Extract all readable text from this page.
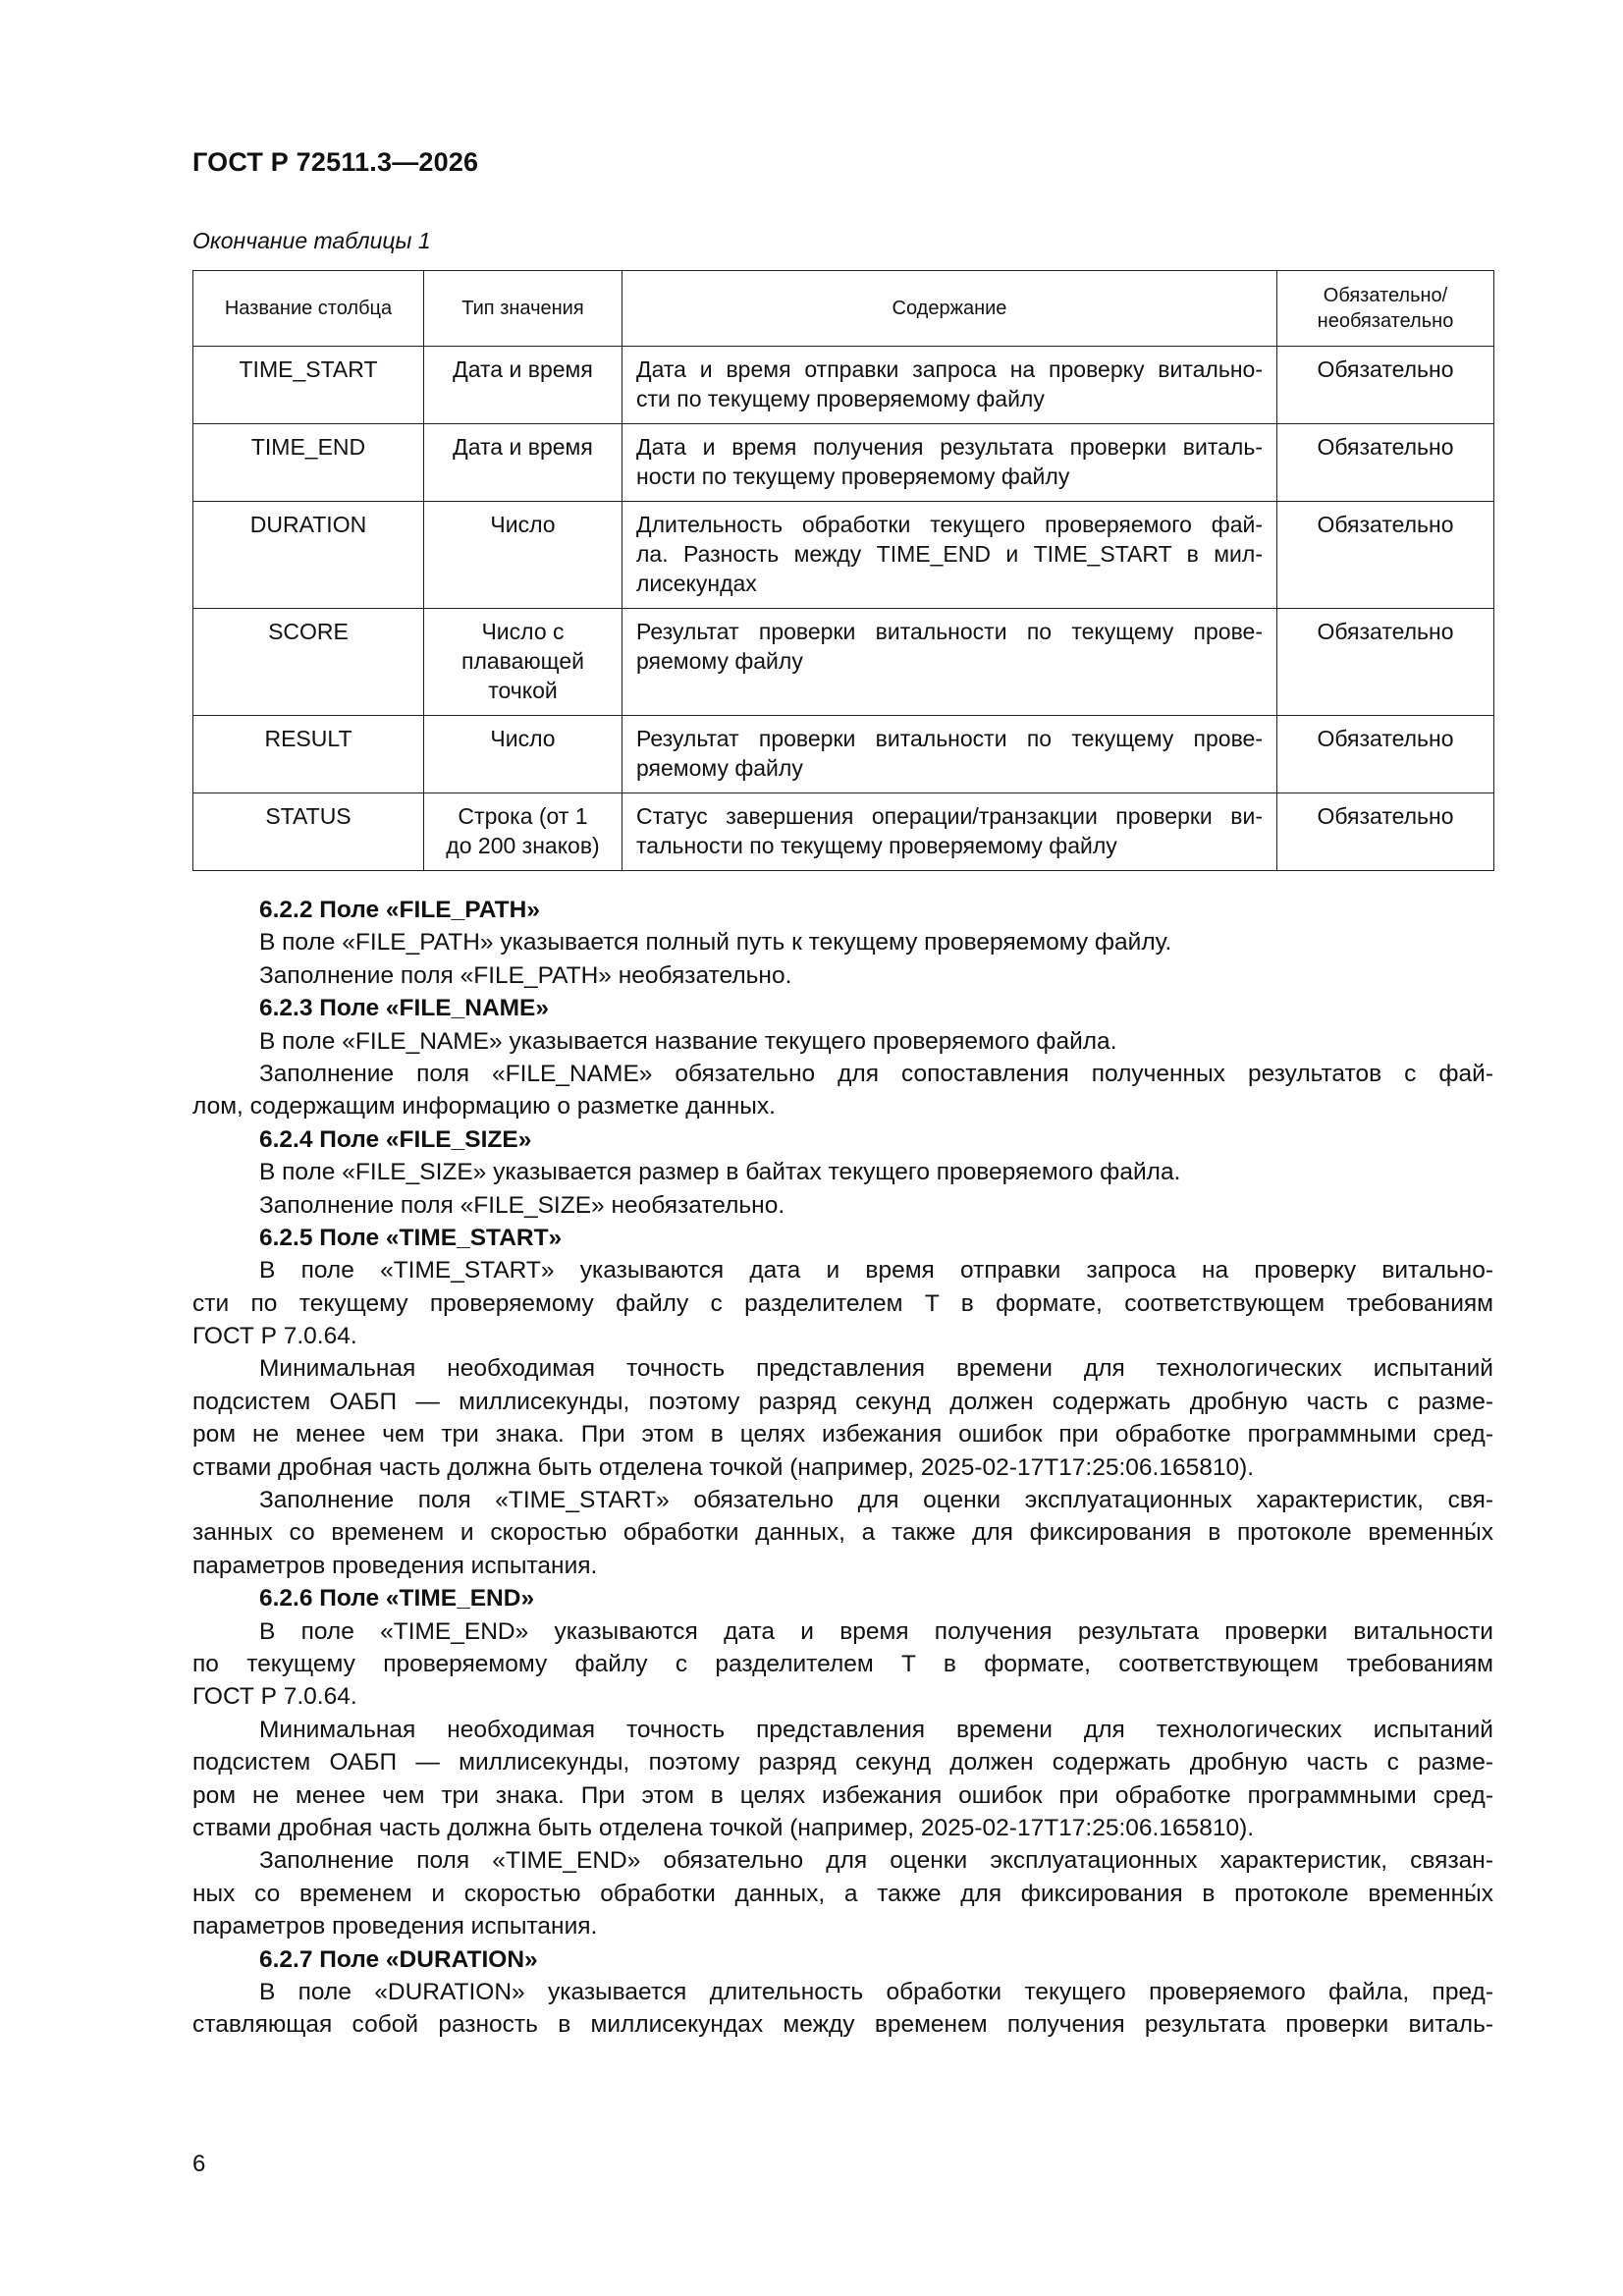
ГОСТ Р 72511.3—2026
Окончание таблицы 1
Название столбца	Тип значения	Содержание	Обязательно/
необязательно

TIME_START	Дата и время	Дата и время отправки запроса на проверку витально-
сти по текущему проверяемому файлу	Обязательно

TIME_END	Дата и время	Дата и время получения результата проверки виталь-
ности по текущему проверяемому файлу	Обязательно

DURATION	Число	Длительность обработки текущего проверяемого фай-
ла. Разность между TIME_END и TIME_START в мил-
лисекундах	Обязательно

SCORE	Число с
плавающей
точкой	Результат проверки витальности по текущему прове-
ряемому файлу	Обязательно

RESULT	Число	Результат проверки витальности по текущему прове-
ряемому файлу	Обязательно

STATUS	Строка (от 1
до 200 знаков)	Статус завершения операции/транзакции проверки ви-
тальности по текущему проверяемому файлу	Обязательно
6.2.2 Поле «FILE_PATH»
В поле «FILE_PATH» указывается полный путь к текущему проверяемому файлу.
Заполнение поля «FILE_PATH» необязательно.
6.2.3 Поле «FILE_NAME»
В поле «FILE_NAME» указывается название текущего проверяемого файла.
Заполнение поля «FILE_NAME» обязательно для сопоставления полученных результатов с фай-
лом, содержащим информацию о разметке данных.
6.2.4 Поле «FILE_SIZE»
В поле «FILE_SIZE» указывается размер в байтах текущего проверяемого файла.
Заполнение поля «FILE_SIZE» необязательно.
6.2.5 Поле «TIME_START»
В поле «TIME_START» указываются дата и время отправки запроса на проверку витально-
сти по текущему проверяемому файлу с разделителем T в формате, соответствующем требованиям
ГОСТ Р 7.0.64.
Минимальная необходимая точность представления времени для технологических испытаний
подсистем ОАБП — миллисекунды, поэтому разряд секунд должен содержать дробную часть с разме-
ром не менее чем три знака. При этом в целях избежания ошибок при обработке программными сред-
ствами дробная часть должна быть отделена точкой (например, 2025-02-17T17:25:06.165810).
Заполнение поля «TIME_START» обязательно для оценки эксплуатационных характеристик, свя-
занных со временем и скоростью обработки данных, а также для фиксирования в протоколе временны́х
параметров проведения испытания.
6.2.6 Поле «TIME_END»
В поле «TIME_END» указываются дата и время получения результата проверки витальности
по текущему проверяемому файлу с разделителем T в формате, соответствующем требованиям
ГОСТ Р 7.0.64.
Минимальная необходимая точность представления времени для технологических испытаний
подсистем ОАБП — миллисекунды, поэтому разряд секунд должен содержать дробную часть с разме-
ром не менее чем три знака. При этом в целях избежания ошибок при обработке программными сред-
ствами дробная часть должна быть отделена точкой (например, 2025-02-17T17:25:06.165810).
Заполнение поля «TIME_END» обязательно для оценки эксплуатационных характеристик, связан-
ных со временем и скоростью обработки данных, а также для фиксирования в протоколе временны́х
параметров проведения испытания.
6.2.7 Поле «DURATION»
В поле «DURATION» указывается длительность обработки текущего проверяемого файла, пред-
ставляющая собой разность в миллисекундах между временем получения результата проверки виталь-
6
